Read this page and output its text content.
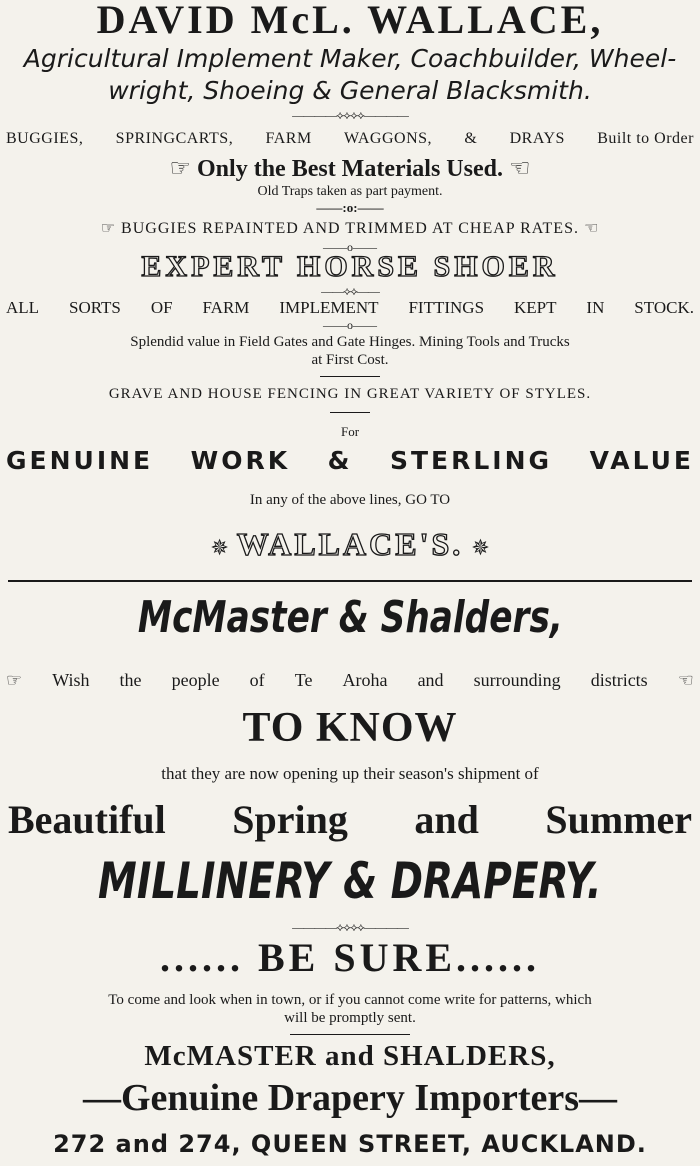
DAVID McL. WALLACE,
Agricultural Implement Maker, Coachbuilder, Wheel-
wright, Shoeing & General Blacksmith.
————⟡⟡⟡⟡————
BUGGIES, SPRINGCARTS, FARM WAGGONS, & DRAYS Built to Order
☞ Only the Best Materials Used. ☜
Old Traps taken as part payment.
——:o:——
☞ BUGGIES REPAINTED AND TRIMMED AT CHEAP RATES. ☜
——o——
EXPERT HORSE SHOER
——⟡⟡——
ALL SORTS OF FARM IMPLEMENT FITTINGS KEPT IN STOCK.
——o——
Splendid value in Field Gates and Gate Hinges. Mining Tools and Trucks
at First Cost.
GRAVE AND HOUSE FENCING IN GREAT VARIETY OF STYLES.
For
GENUINE WORK & STERLING VALUE
In any of the above lines, GO TO
✵ WALLACE'S. ✵
McMaster & Shalders,
☞ Wish the people of Te Aroha and surrounding districts ☜
TO KNOW
that they are now opening up their season's shipment of
Beautiful Spring and Summer
MILLINERY & DRAPERY.
————⟡⟡⟡⟡————
...... BE SURE......
To come and look when in town, or if you cannot come write for patterns, which
will be promptly sent.
McMASTER and SHALDERS,
—Genuine Drapery Importers—
272 and 274, QUEEN STREET, AUCKLAND.
